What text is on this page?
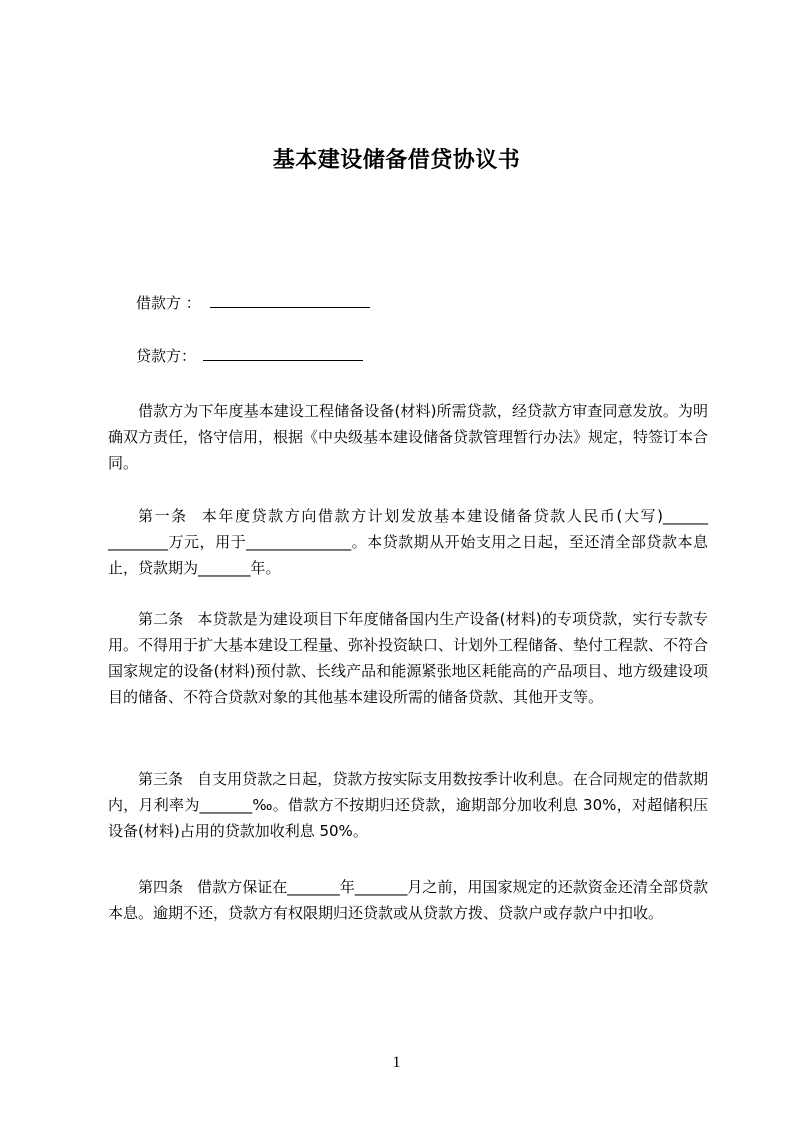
基本建设储备借贷协议书
借款方 ：
贷款方：

借款方为下年度基本建设工程储备设备(材料)所需贷款，经贷款方审查同意发放。为明确双方责任，恪守信用，根据《中央级基本建设储备贷款管理暂行办法》规定，特签订本合同。

第一条 本年度贷款方向借款方计划发放基本建设储备贷款人民币(大写)______ ________万元，用于______________。本贷款期从开始支用之日起，至还清全部贷款本息止，贷款期为_______年。

第二条 本贷款是为建设项目下年度储备国内生产设备(材料)的专项贷款，实行专款专用。不得用于扩大基本建设工程量、弥补投资缺口、计划外工程储备、垫付工程款、不符合国家规定的设备(材料)预付款、长线产品和能源紧张地区耗能高的产品项目、地方级建设项目的储备、不符合贷款对象的其他基本建设所需的储备贷款、其他开支等。

第三条 自支用贷款之日起，贷款方按实际支用数按季计收利息。在合同规定的借款期内，月利率为_______‰。借款方不按期归还贷款，逾期部分加收利息 30%，对超储积压设备(材料)占用的贷款加收利息 50%。

第四条 借款方保证在_______年_______月之前，用国家规定的还款资金还清全部贷款本息。逾期不还，贷款方有权限期归还贷款或从贷款方拨、贷款户或存款户中扣收。

1
